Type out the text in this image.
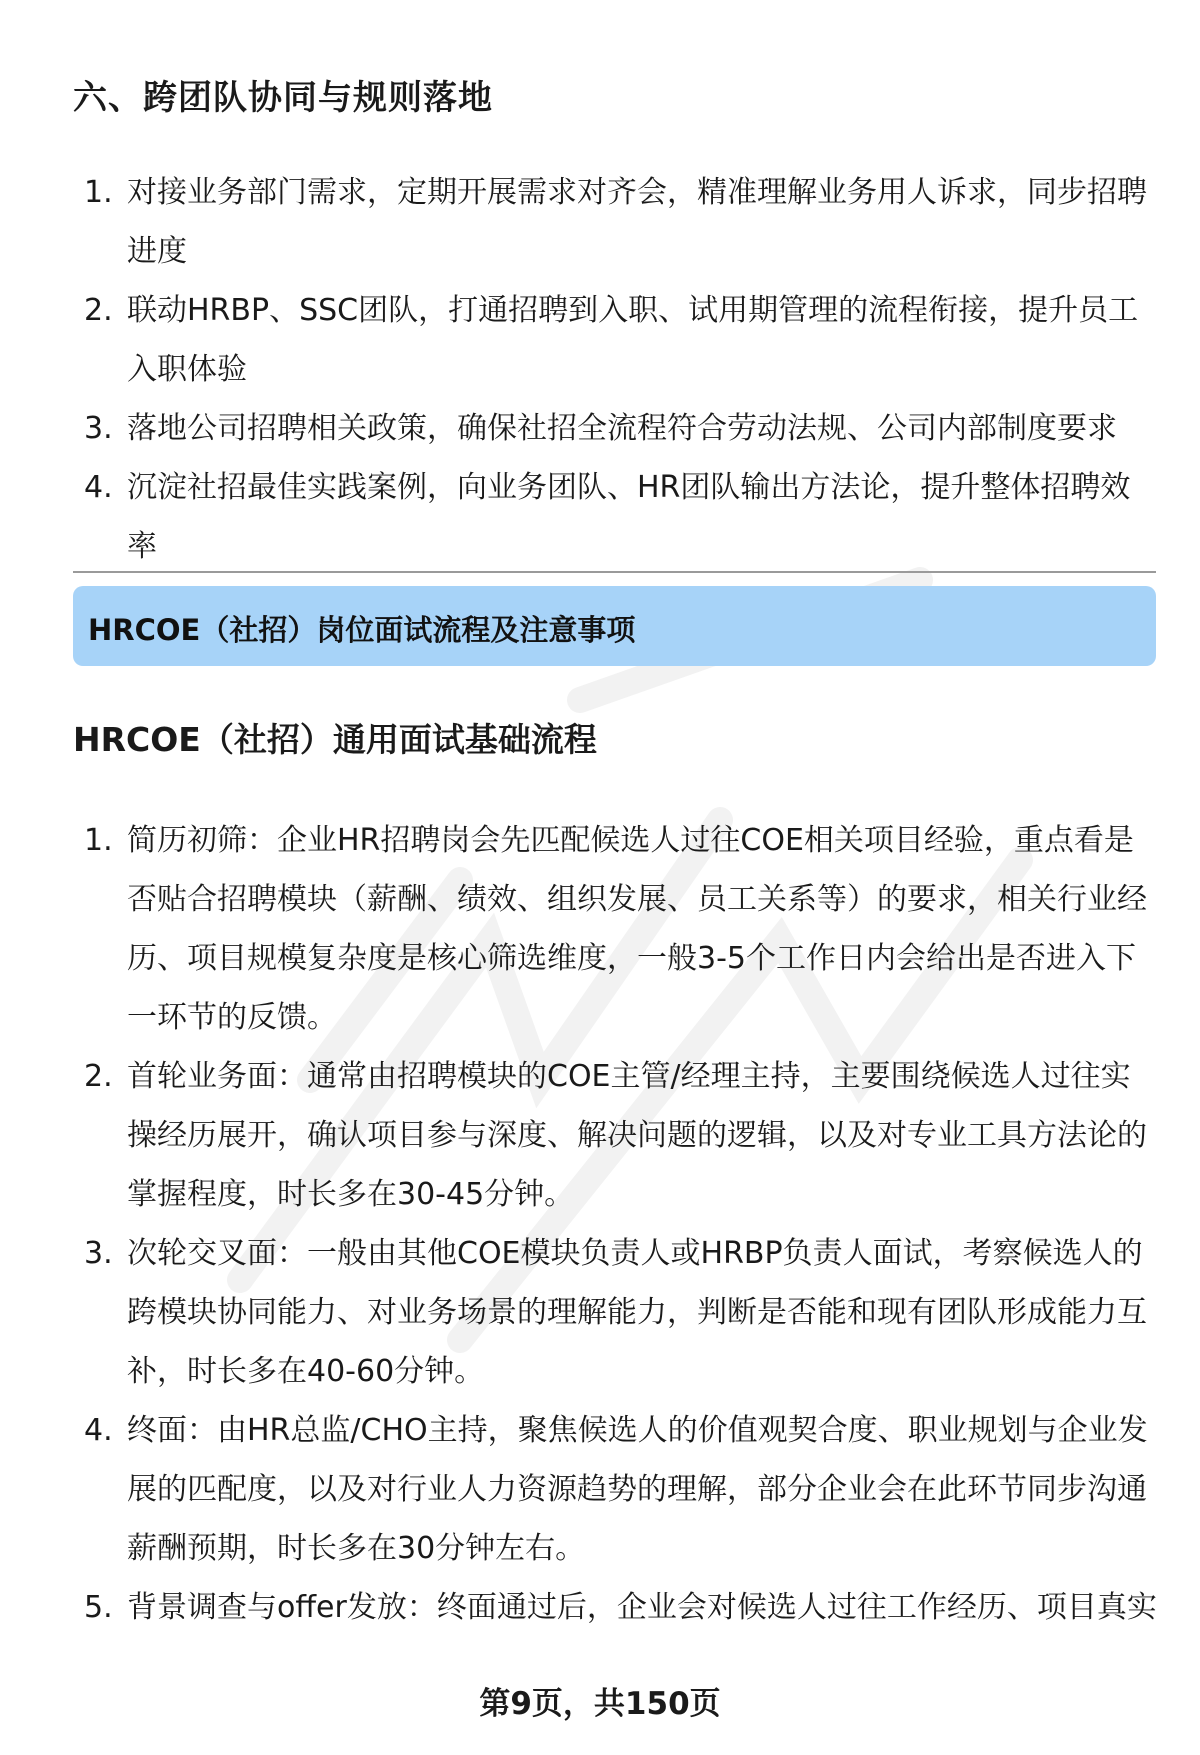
六、跨团队协同与规则落地
1. 对接业务部门需求，定期开展需求对齐会，精准理解业务用人诉求，同步招聘进度
2. 联动HRBP、SSC团队，打通招聘到入职、试用期管理的流程衔接，提升员工入职体验
3. 落地公司招聘相关政策，确保社招全流程符合劳动法规、公司内部制度要求
4. 沉淀社招最佳实践案例，向业务团队、HR团队输出方法论，提升整体招聘效率
HRCOE（社招）岗位面试流程及注意事项
HRCOE（社招）通用面试基础流程
1. 简历初筛：企业HR招聘岗会先匹配候选人过往COE相关项目经验，重点看是否贴合招聘模块（薪酬、绩效、组织发展、员工关系等）的要求，相关行业经历、项目规模复杂度是核心筛选维度，一般3-5个工作日内会给出是否进入下一环节的反馈。
2. 首轮业务面：通常由招聘模块的COE主管/经理主持，主要围绕候选人过往实操经历展开，确认项目参与深度、解决问题的逻辑，以及对专业工具方法论的掌握程度，时长多在30-45分钟。
3. 次轮交叉面：一般由其他COE模块负责人或HRBP负责人面试，考察候选人的跨模块协同能力、对业务场景的理解能力，判断是否能和现有团队形成能力互补，时长多在40-60分钟。
4. 终面：由HR总监/CHO主持，聚焦候选人的价值观契合度、职业规划与企业发展的匹配度，以及对行业人力资源趋势的理解，部分企业会在此环节同步沟通薪酬预期，时长多在30分钟左右。
5. 背景调查与offer发放：终面通过后，企业会对候选人过往工作经历、项目真实
第9页，共150页
